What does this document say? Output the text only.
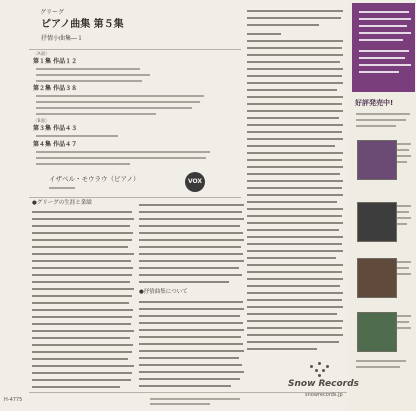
グリーグ
ピアノ曲集 第５集
抒情小曲集―１
〈A面〉
第１集 作品１２
第２集 作品３８
〈B面〉
第３集 作品４３
第４集 作品４７
イザベル・モウラウ（ピアノ）	VOX
●グリーグの生涯と業績
●抒情曲集について
好評発売中!
H-4775
Snow Records
snowrecords.jp
